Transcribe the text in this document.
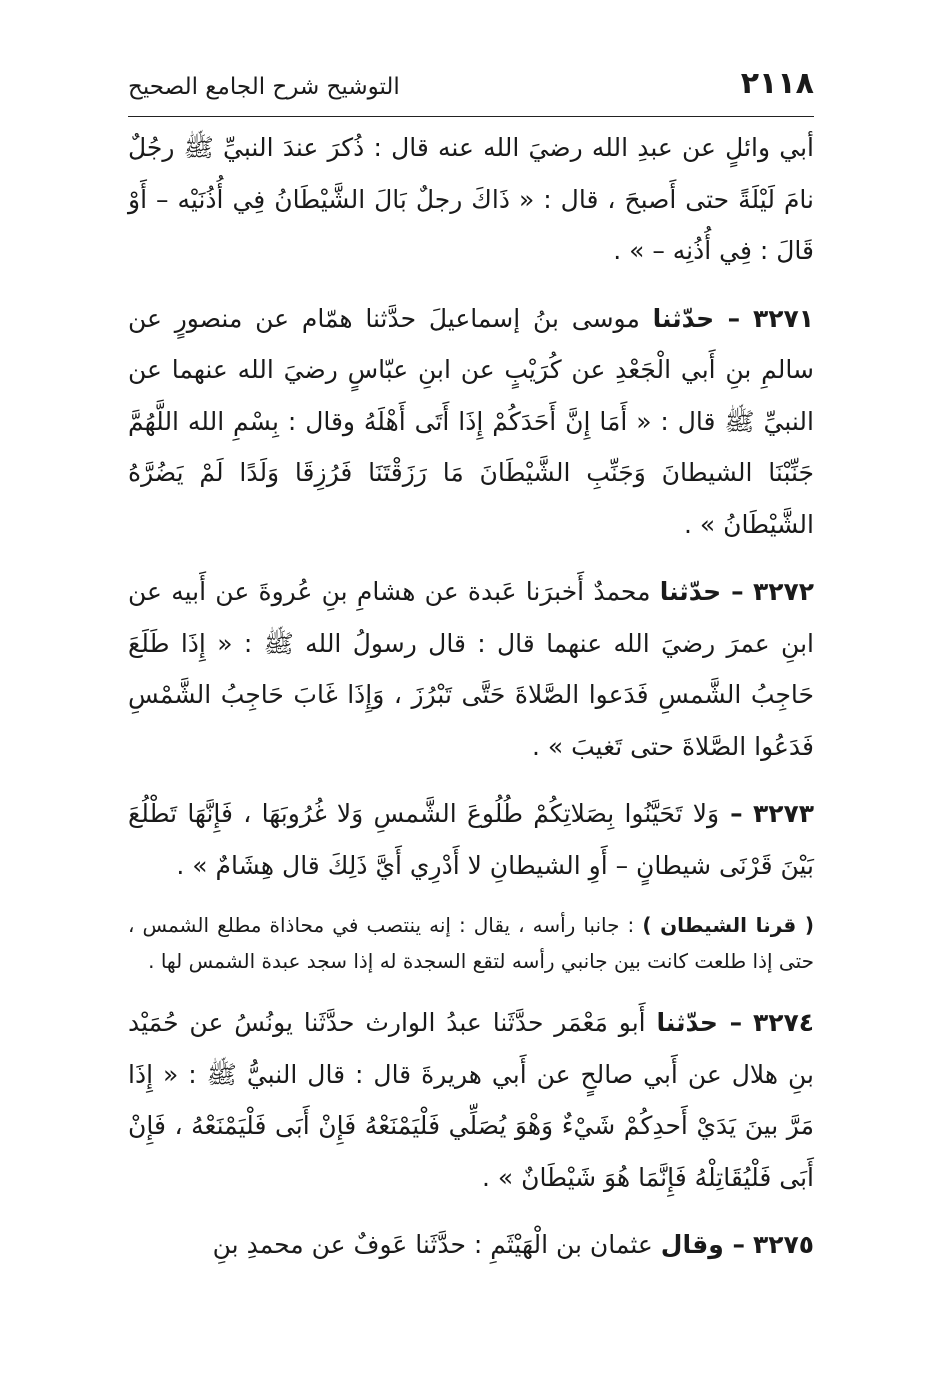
٢١١٨
التوشيح شرح الجامع الصحيح

أبي وائلٍ عن عبدِ الله رضيَ الله عنه قال : ذُكرَ عندَ النبيِّ ﷺ رجُلٌ نامَ لَيْلَةً حتى أَصبحَ ، قال : « ذَاكَ رجلٌ بَالَ الشَّيْطَانُ فِي أُذُنَيْه – أَوْ قَالَ : فِي أُذُنِه – » .

٣٢٧١ – حدّثنا موسى بنُ إسماعيلَ حدَّثنا همّام عن منصورٍ عن سالمِ بنِ أَبي الْجَعْدِ عن كُرَيْبٍ عن ابنِ عبّاسٍ رضيَ الله عنهما عن النبيِّ ﷺ قال : « أَمَا إِنَّ أَحَدَكُمْ إِذَا أَتَى أَهْلَهُ وقال : بِسْمِ الله اللَّهُمَّ جَنِّبْنَا الشيطانَ وَجَنِّبِ الشَّيْطَانَ مَا رَزَقْتَنَا فَرُزِقَا وَلَدًا لَمْ يَضُرَّهُ الشَّيْطَانُ » .

٣٢٧٢ – حدّثنا محمدٌ أَخبرَنا عَبدة عن هشامِ بنِ عُروةَ عن أَبيه عن ابنِ عمرَ رضيَ الله عنهما قال : قال رسولُ الله ﷺ : « إِذَا طَلَعَ حَاجِبُ الشَّمسِ فَدَعوا الصَّلاةَ حَتَّى تَبْرُزَ ، وَإِذَا غَابَ حَاجِبُ الشَّمْسِ فَدَعُوا الصَّلاةَ حتى تَغيبَ » .

٣٢٧٣ – وَلا تَحَيَّنُوا بِصَلاتِكُمْ طُلُوعَ الشَّمسِ وَلا غُرُوبَهَا ، فَإِنَّهَا تَطْلُعَ بَيْنَ قَرْنَى شيطانٍ – أَوِ الشيطانِ لا أَدْرِي أَيَّ ذَلِكَ قال هِشَامٌ » .

( قرنا الشيطان ) : جانبا رأسه ، يقال : إنه ينتصب في محاذاة مطلع الشمس ، حتى إذا طلعت كانت بين جانبي رأسه لتقع السجدة له إذا سجد عبدة الشمس لها .

٣٢٧٤ – حدّثنا أَبو مَعْمَر حدَّثَنا عبدُ الوارث حدَّثَنا يونُسُ عن حُمَيْد بنِ هلال عن أَبي صالحٍ عن أَبي هريرةَ قال : قال النبيُّ ﷺ : « إِذَا مَرَّ بينَ يَدَيْ أَحدِكُمْ شَيْءٌ وَهْوَ يُصَلِّي فَلْيَمْنَعْهُ فَإِنْ أَبَى فَلْيَمْنَعْهُ ، فَإِنْ أَبَى فَلْيُقَاتِلْهُ فَإِنَّمَا هُوَ شَيْطَانٌ » .

٣٢٧٥ – وقال عثمان بن الْهَيْثَمِ : حدَّثَنا عَوفٌ عن محمدِ بنِ
